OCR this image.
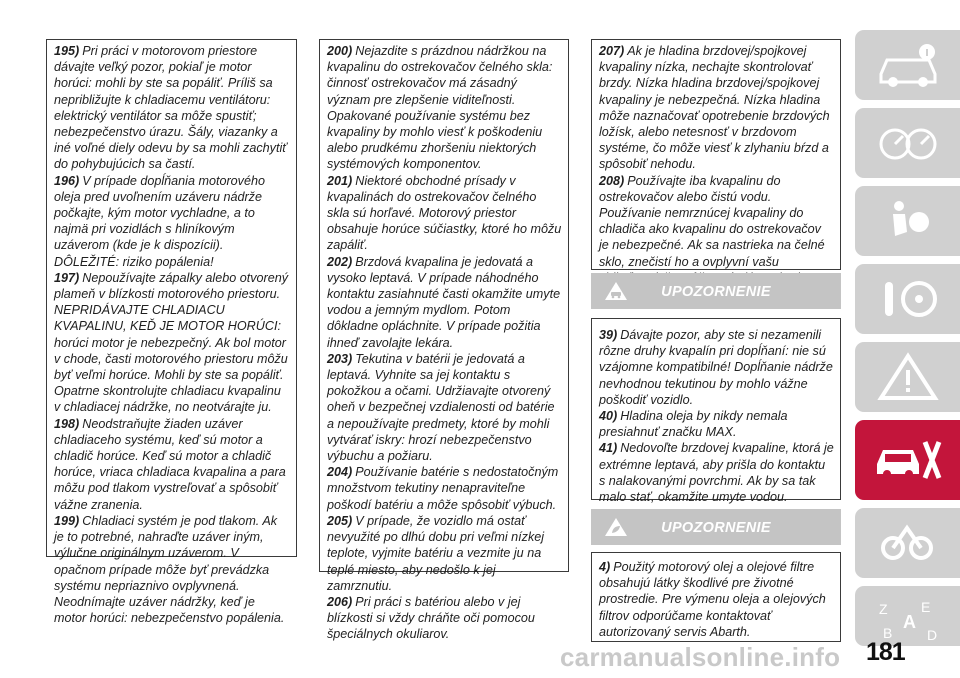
195) Pri práci v motorovom priestore dávajte veľký pozor, pokiaľ je motor horúci: mohli by ste sa popáliť. Príliš sa nepribližujte k chladiacemu ventilátoru: elektrický ventilátor sa môže spustiť; nebezpečenstvo úrazu. Šály, viazanky a iné voľné diely odevu by sa mohli zachytiť do pohybujúcich sa častí.

196) V prípade dopĺňania motorového oleja pred uvoľnením uzáveru nádrže počkajte, kým motor vychladne, a to najmä pri vozidlách s hliníkovým uzáverom (kde je k dispozícii). DÔLEŽITÉ: riziko popálenia!

197) Nepoužívajte zápalky alebo otvorený plameň v blízkosti motorového priestoru. NEPRIDÁVAJTE CHLADIACU KVAPALINU, KEĎ JE MOTOR HORÚCI: horúci motor je nebezpečný. Ak bol motor v chode, časti motorového priestoru môžu byť veľmi horúce. Mohli by ste sa popáliť. Opatrne skontrolujte chladiacu kvapalinu v chladiacej nádržke, no neotvárajte ju.

198) Neodstraňujte žiaden uzáver chladiaceho systému, keď sú motor a chladič horúce. Keď sú motor a chladič horúce, vriaca chladiaca kvapalina a para môžu pod tlakom vystreľovať a spôsobiť vážne zranenia.

199) Chladiaci systém je pod tlakom. Ak je to potrebné, nahraďte uzáver iným, výlučne originálnym uzáverom. V opačnom prípade môže byť prevádzka systému nepriaznivo ovplyvnená. Neodnímajte uzáver nádržky, keď je motor horúci: nebezpečenstvo popálenia.

200) Nejazdite s prázdnou nádržkou na kvapalinu do ostrekovačov čelného skla: činnosť ostrekovačov má zásadný význam pre zlepšenie viditeľnosti. Opakované používanie systému bez kvapaliny by mohlo viesť k poškodeniu alebo prudkému zhoršeniu niektorých systémových komponentov.

201) Niektoré obchodné prísady v kvapalinách do ostrekovačov čelného skla sú horľavé. Motorový priestor obsahuje horúce súčiastky, ktoré ho môžu zapáliť.

202) Brzdová kvapalina je jedovatá a vysoko leptavá. V prípade náhodného kontaktu zasiahnuté časti okamžite umyte vodou a jemným mydlom. Potom dôkladne opláchnite. V prípade požitia ihneď zavolajte lekára.

203) Tekutina v batérii je jedovatá a leptavá. Vyhnite sa jej kontaktu s pokožkou a očami. Udržiavajte otvorený oheň v bezpečnej vzdialenosti od batérie a nepoužívajte predmety, ktoré by mohli vytvárať iskry: hrozí nebezpečenstvo výbuchu a požiaru.

204) Používanie batérie s nedostatočným množstvom tekutiny nenapraviteľne poškodí batériu a môže spôsobiť výbuch.

205) V prípade, že vozidlo má ostať nevyužité po dlhú dobu pri veľmi nízkej teplote, vyjmite batériu a vezmite ju na teplé miesto, aby nedošlo k jej zamrznutiu.

206) Pri práci s batériou alebo v jej blízkosti si vždy chráňte oči pomocou špeciálnych okuliarov.

207) Ak je hladina brzdovej/spojkovej kvapaliny nízka, nechajte skontrolovať brzdy. Nízka hladina brzdovej/spojkovej kvapaliny je nebezpečná. Nízka hladina môže naznačovať opotrebenie brzdových ložísk, alebo netesnosť v brzdovom systéme, čo môže viesť k zlyhaniu bŕzd a spôsobiť nehodu.

208) Používajte iba kvapalinu do ostrekovačov alebo čistú vodu. Používanie nemrznúcej kvapaliny do chladiča ako kvapalinu do ostrekovačov je nebezpečné. Ak sa nastriekа na čelné sklo, znečistí ho a ovplyvní vašu

UPOZORNENIE

39) Dávajte pozor, aby ste si nezamenili rôzne druhy kvapalín pri dopĺňaní: nie sú vzájomne kompatibilné! Dopĺňanie nádrže nevhodnou tekutinou by mohlo vážne poškodiť vozidlo.

40) Hladina oleja by nikdy nemala presiahnuť značku MAX.

41) Nedovoľte brzdovej kvapaline, ktorá je extrémne leptavá, aby prišla do kontaktu s nalakovanými povrchmi. Ak by sa tak malo stať, okamžite umyte vodou.

UPOZORNENIE

4) Použitý motorový olej a olejové filtre obsahujú látky škodlivé pre životné prostredie. Pre výmenu oleja a olejových filtrov odporúčame kontaktovať autorizovaný servis Abarth.

Z E
A
B D
181
carmanualsonline.info
